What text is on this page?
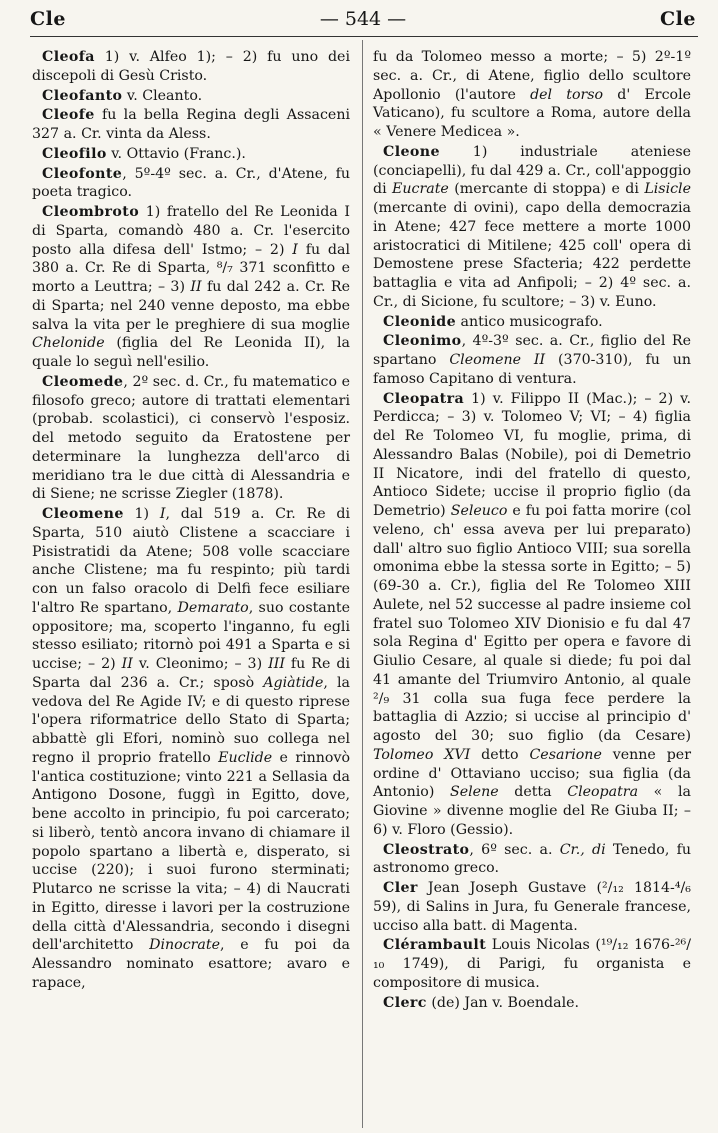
Cle	— 544 —	Cle

Cleofa 1) v. Alfeo 1); – 2) fu uno dei discepoli di Gesù Cristo.

Cleofanto v. Cleanto.

Cleofe fu la bella Regina degli Assaceni 327 a. Cr. vinta da Aless.

Cleofilo v. Ottavio (Franc.).

Cleofonte, 5º-4º sec. a. Cr., d'Atene, fu poeta tragico.

Cleombroto 1) fratello del Re Leonida I di Sparta, comandò 480 a. Cr. l'esercito posto alla difesa dell' Istmo; – 2) I fu dal 380 a. Cr. Re di Sparta, ⁸/₇ 371 sconfitto e morto a Leuttra; – 3) II fu dal 242 a. Cr. Re di Sparta; nel 240 venne deposto, ma ebbe salva la vita per le preghiere di sua moglie Chelonide (figlia del Re Leonida II), la quale lo seguì nell'esilio.

Cleomede, 2º sec. d. Cr., fu matematico e filosofo greco; autore di trattati elementari (probab. scolastici), ci conservò l'esposiz. del metodo seguito da Eratostene per determinare la lunghezza dell'arco di meridiano tra le due città di Alessandria e di Siene; ne scrisse Ziegler (1878).

Cleomene 1) I, dal 519 a. Cr. Re di Sparta, 510 aiutò Clistene a scacciare i Pisistratidi da Atene; 508 volle scacciare anche Clistene; ma fu respinto; più tardi con un falso oracolo di Delfi fece esiliare l'altro Re spartano, Demarato, suo costante oppositore; ma, scoperto l'inganno, fu egli stesso esiliato; ritornò poi 491 a Sparta e si uccise; – 2) II v. Cleonimo; – 3) III fu Re di Sparta dal 236 a. Cr.; sposò Agiàtide, la vedova del Re Agide IV; e di questo riprese l'opera riformatrice dello Stato di Sparta; abbattè gli Efori, nominò suo collega nel regno il proprio fratello Euclide e rinnovò l'antica costituzione; vinto 221 a Sellasia da Antigono Dosone, fuggì in Egitto, dove, bene accolto in principio, fu poi carcerato; si liberò, tentò ancora invano di chiamare il popolo spartano a libertà e, disperato, si uccise (220); i suoi furono sterminati; Plutarco ne scrisse la vita; – 4) di Naucrati in Egitto, diresse i lavori per la costruzione della città d'Alessandria, secondo i disegni dell'architetto Dinocrate, e fu poi da Alessandro nominato esattore; avaro e rapace,

fu da Tolomeo messo a morte; – 5) 2º-1º sec. a. Cr., di Atene, figlio dello scultore Apollonio (l'autore del torso d' Ercole Vaticano), fu scultore a Roma, autore della « Venere Medicea ».

Cleone 1) industriale ateniese (conciapelli), fu dal 429 a. Cr., coll'appoggio di Eucrate (mercante di stoppa) e di Lisicle (mercante di ovini), capo della democrazia in Atene; 427 fece mettere a morte 1000 aristocratici di Mitilene; 425 coll' opera di Demostene prese Sfacteria; 422 perdette battaglia e vita ad Anfipoli; – 2) 4º sec. a. Cr., di Sicione, fu scultore; – 3) v. Euno.

Cleonide antico musicografo.

Cleonimo, 4º-3º sec. a. Cr., figlio del Re spartano Cleomene II (370-310), fu un famoso Capitano di ventura.

Cleopatra 1) v. Filippo II (Mac.); – 2) v. Perdicca; – 3) v. Tolomeo V; VI; – 4) figlia del Re Tolomeo VI, fu moglie, prima, di Alessandro Balas (Nobile), poi di Demetrio II Nicatore, indi del fratello di questo, Antioco Sidete; uccise il proprio figlio (da Demetrio) Seleuco e fu poi fatta morire (col veleno, ch' essa aveva per lui preparato) dall' altro suo figlio Antioco VIII; sua sorella omonima ebbe la stessa sorte in Egitto; – 5) (69-30 a. Cr.), figlia del Re Tolomeo XIII Aulete, nel 52 successe al padre insieme col fratel suo Tolomeo XIV Dionisio e fu dal 47 sola Regina d' Egitto per opera e favore di Giulio Cesare, al quale si diede; fu poi dal 41 amante del Triumviro Antonio, al quale ²/₉ 31 colla sua fuga fece perdere la battaglia di Azzio; si uccise al principio d' agosto del 30; suo figlio (da Cesare) Tolomeo XVI detto Cesarione venne per ordine d' Ottaviano ucciso; sua figlia (da Antonio) Selene detta Cleopatra « la Giovine » divenne moglie del Re Giuba II; – 6) v. Floro (Gessio).

Cleostrato, 6º sec. a. Cr., di Tenedo, fu astronomo greco.

Cler Jean Joseph Gustave (²/₁₂ 1814-⁴/₆ 59), di Salins in Jura, fu Generale francese, ucciso alla batt. di Magenta.

Clérambault Louis Nicolas (¹⁹/₁₂ 1676-²⁶/₁₀ 1749), di Parigi, fu organista e compositore di musica.

Clerc (de) Jan v. Boendale.
